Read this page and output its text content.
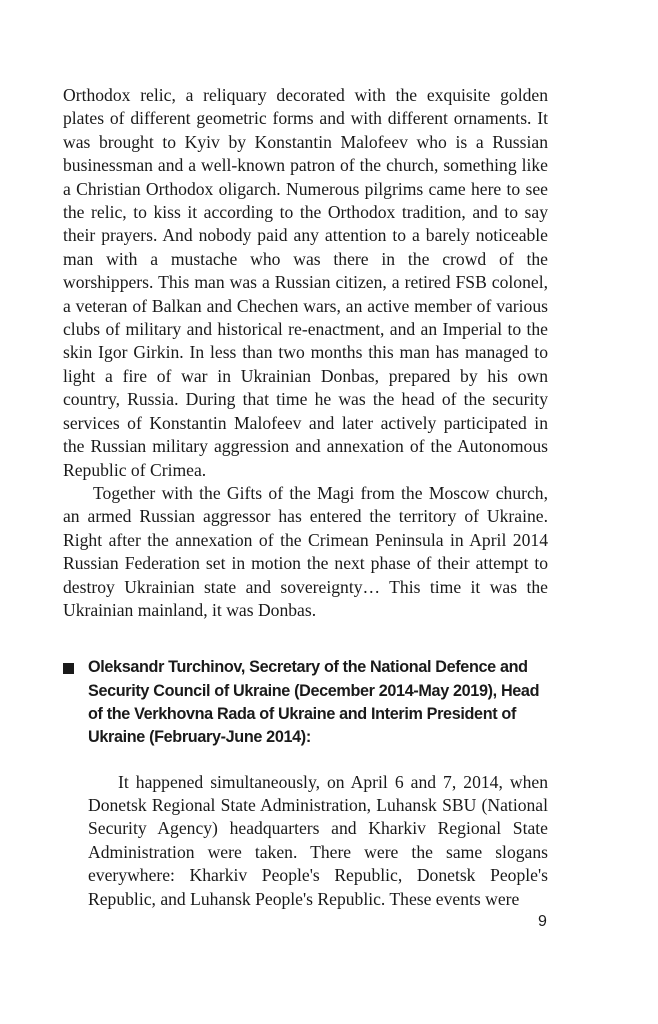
Orthodox relic, a reliquary decorated with the exquisite golden plates of different geometric forms and with different ornaments. It was brought to Kyiv by Konstantin Malofeev who is a Russian businessman and a well-known patron of the church, something like a Christian Orthodox oligarch. Numerous pilgrims came here to see the relic, to kiss it according to the Orthodox tradition, and to say their prayers. And nobody paid any attention to a barely noticeable man with a mustache who was there in the crowd of the worshippers. This man was a Russian citizen, a retired FSB colonel, a veteran of Balkan and Chechen wars, an active member of various clubs of military and historical re-enactment, and an Imperial to the skin Igor Girkin. In less than two months this man has managed to light a fire of war in Ukrainian Donbas, prepared by his own country, Russia. During that time he was the head of the security services of Konstantin Malofeev and later actively participated in the Russian military aggression and annexation of the Autonomous Republic of Crimea.

Together with the Gifts of the Magi from the Moscow church, an armed Russian aggressor has entered the territory of Ukraine. Right after the annexation of the Crimean Peninsula in April 2014 Russian Federation set in motion the next phase of their attempt to destroy Ukrainian state and sovereignty… This time it was the Ukrainian mainland, it was Donbas.

Oleksandr Turchinov, Secretary of the National Defence and Security Council of Ukraine (December 2014-May 2019), Head of the Verkhovna Rada of Ukraine and Interim President of Ukraine (February-June 2014):

It happened simultaneously, on April 6 and 7, 2014, when Donetsk Regional State Administration, Luhansk SBU (National Security Agency) headquarters and Kharkiv Regional State Administration were taken. There were the same slogans everywhere: Kharkiv People's Republic, Donetsk People's Republic, and Luhansk People's Republic. These events were

9
